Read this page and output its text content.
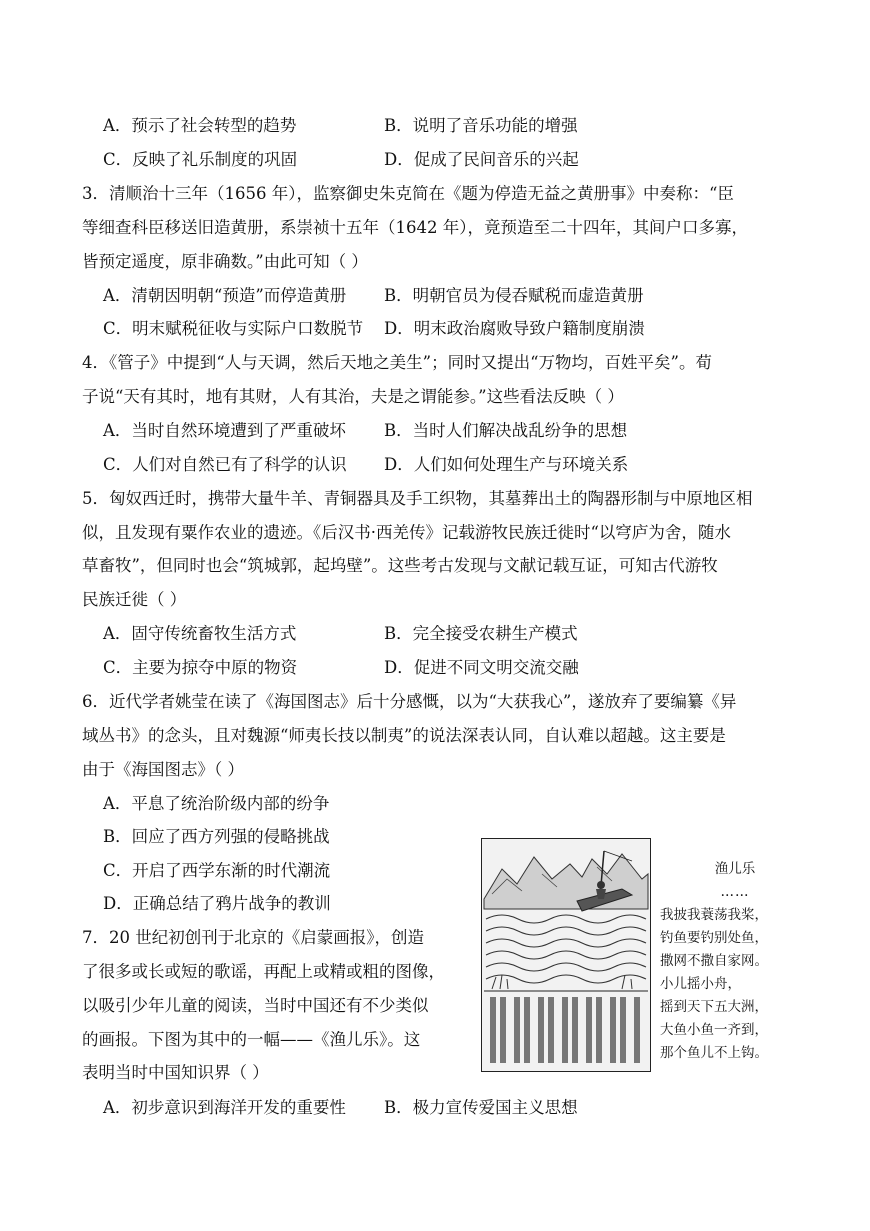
A．预示了社会转型的趋势	B．说明了音乐功能的增强
C．反映了礼乐制度的巩固	D．促成了民间音乐的兴起
3．清顺治十三年（1656 年），监察御史朱克简在《题为停造无益之黄册事》中奏称：“臣
等细查科臣移送旧造黄册，系崇祯十五年（1642 年），竟预造至二十四年，其间户口多寡，
皆预定遥度，原非确数。”由此可知（ ）
A．清朝因明朝“预造”而停造黄册 B．明朝官员为侵吞赋税而虚造黄册
C．明末赋税征收与实际户口数脱节 D．明末政治腐败导致户籍制度崩溃
4．《管子》中提到“人与天调，然后天地之美生”；同时又提出“万物均，百姓平矣”。荀
子说“天有其时，地有其财，人有其治，夫是之谓能参。”这些看法反映（ ）
A．当时自然环境遭到了严重破坏 B．当时人们解决战乱纷争的思想
C．人们对自然已有了科学的认识 D．人们如何处理生产与环境关系
5．匈奴西迁时，携带大量牛羊、青铜器具及手工织物，其墓葬出土的陶器形制与中原地区相
似，且发现有粟作农业的遗迹。《后汉书·西羌传》记载游牧民族迁徙时“以穹庐为舍，随水
草畜牧”，但同时也会“筑城郭，起坞壁”。这些考古发现与文献记载互证，可知古代游牧
民族迁徙（ ）
A．固守传统畜牧生活方式	B．完全接受农耕生产模式
C．主要为掠夺中原的物资	D．促进不同文明交流交融
6．近代学者姚莹在读了《海国图志》后十分感慨，以为“大获我心”，遂放弃了要编纂《异
域丛书》的念头，且对魏源“师夷长技以制夷”的说法深表认同，自认难以超越。这主要是
由于《海国图志》（ ）
A．平息了统治阶级内部的纷争
B．回应了西方列强的侵略挑战
C．开启了西学东渐的时代潮流
D．正确总结了鸦片战争的教训
7．20 世纪初创刊于北京的《启蒙画报》，创造
了很多或长或短的歌谣，再配上或精或粗的图像，
以吸引少年儿童的阅读，当时中国还有不少类似
的画报。下图为其中的一幅——《渔儿乐》。这
表明当时中国知识界（ ）
A．初步意识到海洋开发的重要性 B．极力宣传爱国主义思想
渔儿乐
……
我披我蓑荡我桨，
钓鱼要钓别处鱼，
撒网不撒自家网。
小儿摇小舟，
摇到天下五大洲，
大鱼小鱼一齐到，
那个鱼儿不上钩。
